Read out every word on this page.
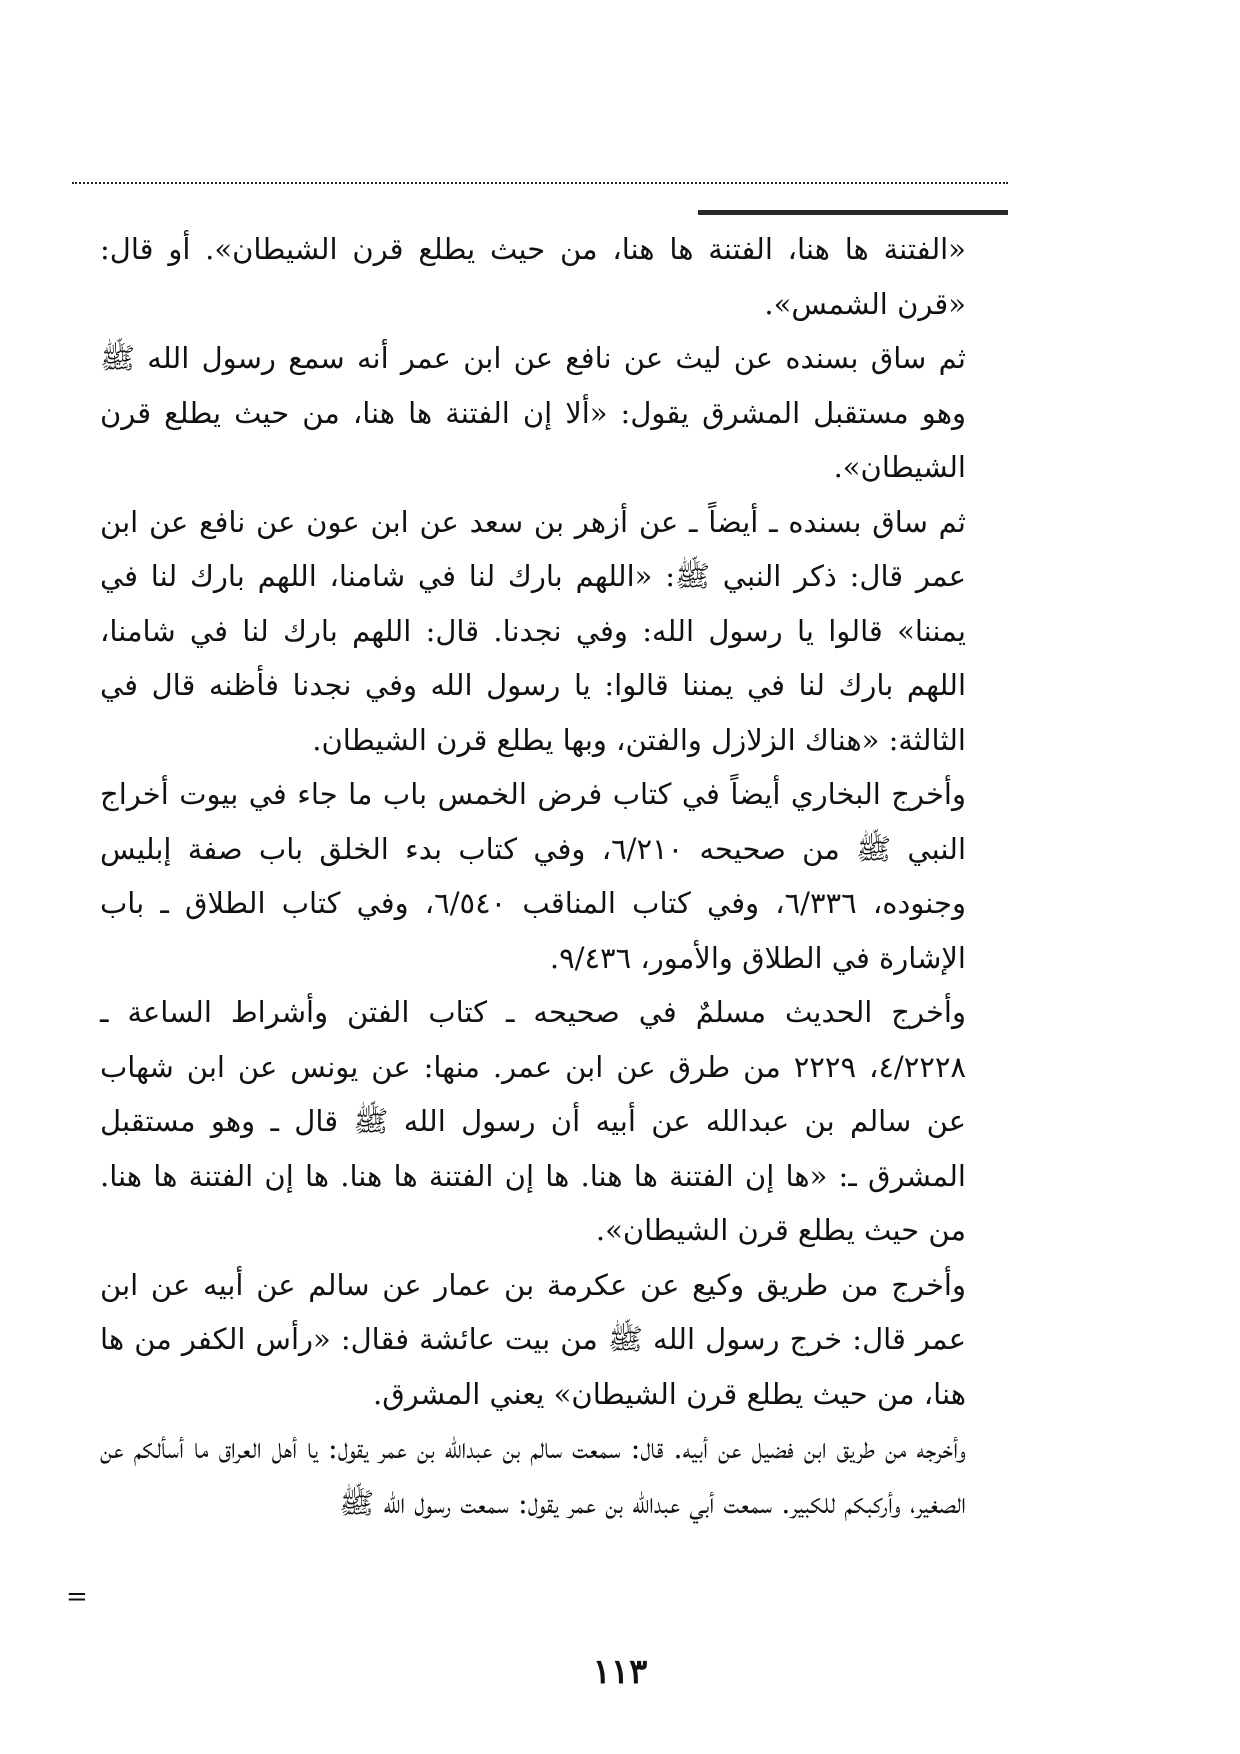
«الفتنة ها هنا، الفتنة ها هنا، من حيث يطلع قرن الشيطان». أو قال: «قرن الشمس».

ثم ساق بسنده عن ليث عن نافع عن ابن عمر أنه سمع رسول الله ﷺ وهو مستقبل المشرق يقول: «ألا إن الفتنة ها هنا، من حيث يطلع قرن الشيطان».

ثم ساق بسنده ـ أيضاً ـ عن أزهر بن سعد عن ابن عون عن نافع عن ابن عمر قال: ذكر النبي ﷺ: «اللهم بارك لنا في شامنا، اللهم بارك لنا في يمننا» قالوا يا رسول الله: وفي نجدنا. قال: اللهم بارك لنا في شامنا، اللهم بارك لنا في يمننا قالوا: يا رسول الله وفي نجدنا فأظنه قال في الثالثة: «هناك الزلازل والفتن، وبها يطلع قرن الشيطان.

وأخرج البخاري أيضاً في كتاب فرض الخمس باب ما جاء في بيوت أخراج النبي ﷺ من صحيحه ٦/٢١٠، وفي كتاب بدء الخلق باب صفة إبليس وجنوده، ٦/٣٣٦، وفي كتاب المناقب ٦/٥٤٠، وفي كتاب الطلاق ـ باب الإشارة في الطلاق والأمور، ٩/٤٣٦.

وأخرج الحديث مسلمٌ في صحيحه ـ كتاب الفتن وأشراط الساعة ـ ٤/٢٢٢٨، ٢٢٢٩ من طرق عن ابن عمر. منها: عن يونس عن ابن شهاب عن سالم بن عبدالله عن أبيه أن رسول الله ﷺ قال ـ وهو مستقبل المشرق ـ: «ها إن الفتنة ها هنا. ها إن الفتنة ها هنا. ها إن الفتنة ها هنا. من حيث يطلع قرن الشيطان».

وأخرج من طريق وكيع عن عكرمة بن عمار عن سالم عن أبيه عن ابن عمر قال: خرج رسول الله ﷺ من بيت عائشة فقال: «رأس الكفر من ها هنا، من حيث يطلع قرن الشيطان» يعني المشرق.

وأخرجه من طريق ابن فضيل عن أبيه. قال: سمعت سالم بن عبدالله بن عمر يقول: يا أهل العراق ما أسألكم عن الصغير، وأركبكم للكبير. سمعت أبي عبدالله بن عمر يقول: سمعت رسول الله ﷺ

=
١١٣
